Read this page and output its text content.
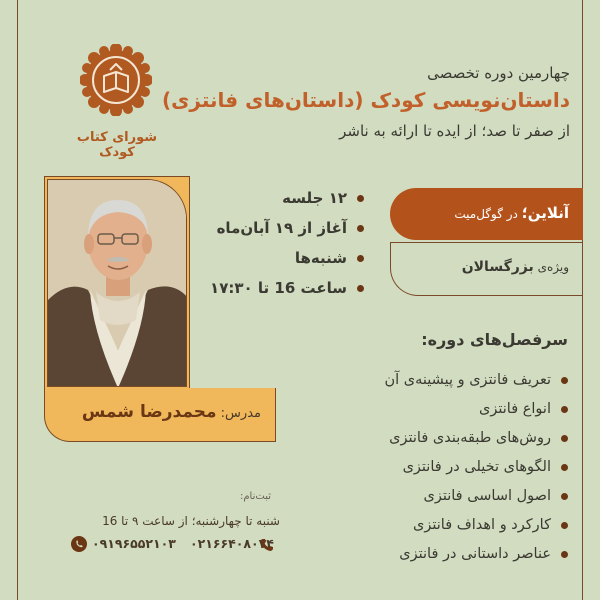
شورای کتاب کودک
چهارمین دوره تخصصی
داستان‌نویسی کودک (داستان‌های فانتزی)
از صفر تا صد؛ از ایده تا ارائه به ناشر
مدرس: محمدرضا شمس
۱۲ جلسه
آغاز از ۱۹ آبان‌ماه
شنبه‌ها
ساعت 16 تا ۱۷:۳۰
آنلاین؛ در گوگل‌میت
ویژه‌ی بزرگسالان
سرفصل‌های دوره:
تعریف فانتزی و پیشینه‌ی آن
انواع فانتزی
روش‌های طبقه‌بندی فانتزی
الگوهای تخیلی در فانتزی
اصول اساسی فانتزی
کارکرد و اهداف فانتزی
عناصر داستانی در فانتزی
ثبت‌نام:
شنبه تا چهارشنبه؛ از ساعت ۹ تا 16
۰۹۱۹۶۵۵۲۱۰۳ ۰۲۱۶۶۴۰۸۰۷۴
